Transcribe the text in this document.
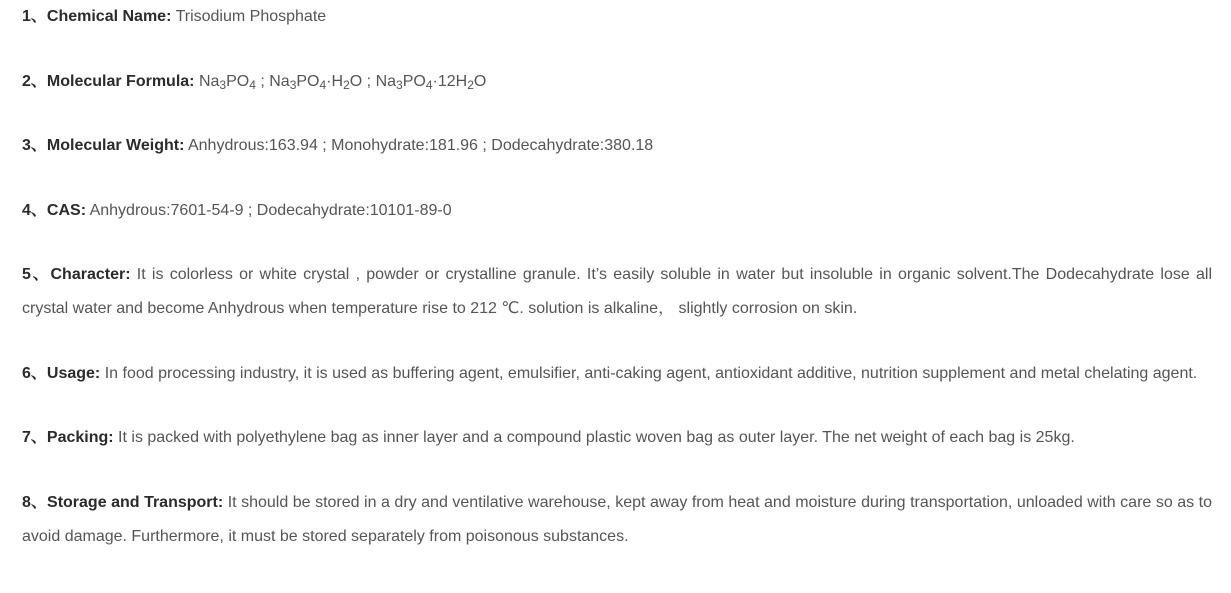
1、Chemical Name: Trisodium Phosphate

2、Molecular Formula: $Na_3PO_4$ ; $Na_3PO_4\cdot H_2O$ ; $Na_3PO_4\cdot 12H_2O$

3、Molecular Weight: Anhydrous:163.94 ; Monohydrate:181.96 ; Dodecahydrate:380.18

4、CAS: Anhydrous:7601-54-9 ; Dodecahydrate:10101-89-0

5、Character: It is colorless or white crystal , powder or crystalline granule. It’s easily soluble in water but insoluble in organic solvent.The Dodecahydrate lose all crystal water and become Anhydrous when temperature rise to 212 ℃. solution is alkaline， slightly corrosion on skin.

6、Usage: In food processing industry, it is used as buffering agent, emulsifier, anti-caking agent, antioxidant additive, nutrition supplement and metal chelating agent.

7、Packing: It is packed with polyethylene bag as inner layer and a compound plastic woven bag as outer layer. The net weight of each bag is 25kg.

8、Storage and Transport: It should be stored in a dry and ventilative warehouse, kept away from heat and moisture during transportation, unloaded with care so as to avoid damage. Furthermore, it must be stored separately from poisonous substances.
